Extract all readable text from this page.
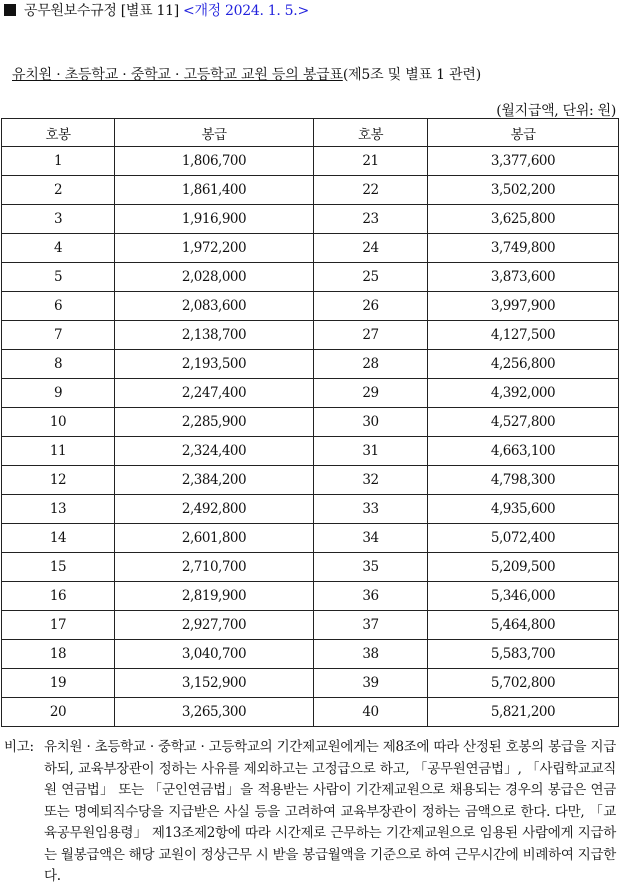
공무원보수규정 [별표 11] <개정 2024. 1. 5.>
유치원 · 초등학교 · 중학교 · 고등학교 교원 등의 봉급표(제5조 및 별표 1 관련)
(월지급액, 단위: 원)
호봉	봉급	호봉	봉급
1	1,806,700	21	3,377,600
2	1,861,400	22	3,502,200
3	1,916,900	23	3,625,800
4	1,972,200	24	3,749,800
5	2,028,000	25	3,873,600
6	2,083,600	26	3,997,900
7	2,138,700	27	4,127,500
8	2,193,500	28	4,256,800
9	2,247,400	29	4,392,000
10	2,285,900	30	4,527,800
11	2,324,400	31	4,663,100
12	2,384,200	32	4,798,300
13	2,492,800	33	4,935,600
14	2,601,800	34	5,072,400
15	2,710,700	35	5,209,500
16	2,819,900	36	5,346,000
17	2,927,700	37	5,464,800
18	3,040,700	38	5,583,700
19	3,152,900	39	5,702,800
20	3,265,300	40	5,821,200
비고: 유치원 · 초등학교 · 중학교 · 고등학교의 기간제교원에게는 제8조에 따라 산정된 호봉의 봉급을 지급하되, 교육부장관이 정하는 사유를 제외하고는 고정급으로 하고, 「공무원연금법」, 「사립학교교직원 연금법」 또는 「군인연금법」을 적용받는 사람이 기간제교원으로 채용되는 경우의 봉급은 연금 또는 명예퇴직수당을 지급받은 사실 등을 고려하여 교육부장관이 정하는 금액으로 한다. 다만, 「교육공무원임용령」 제13조제2항에 따라 시간제로 근무하는 기간제교원으로 임용된 사람에게 지급하는 월봉급액은 해당 교원이 정상근무 시 받을 봉급월액을 기준으로 하여 근무시간에 비례하여 지급한다.
